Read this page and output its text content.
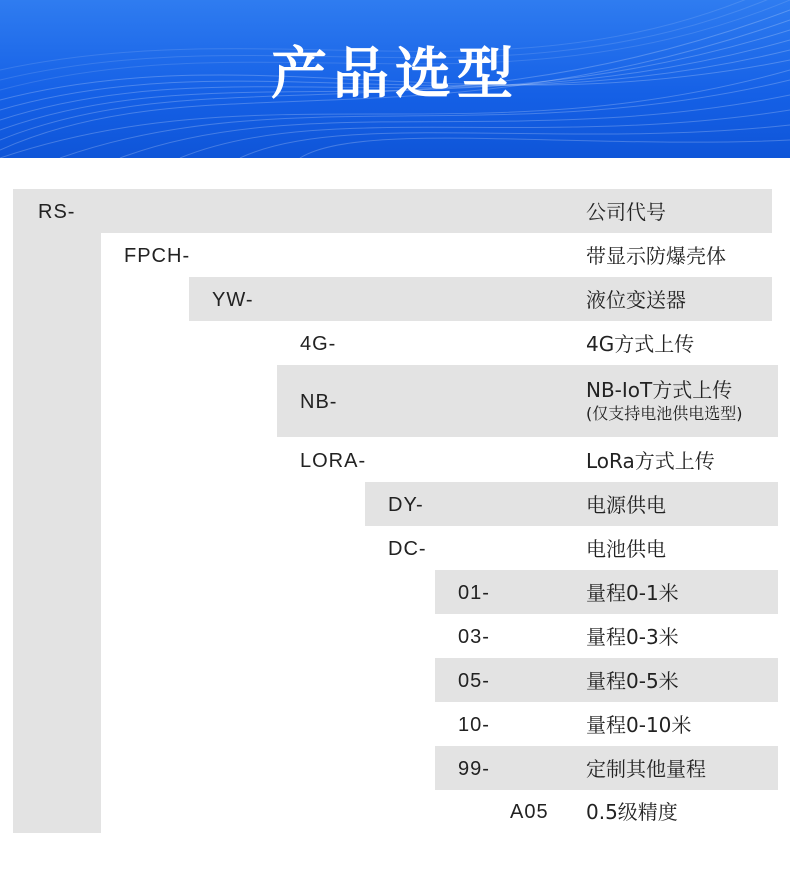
产品选型
RS-
FPCH-
YW-
4G-
NB-
LORA-
DY-
DC-
01-
03-
05-
10-
99-
A05
公司代号
带显示防爆壳体
液位变送器
4G方式上传
NB-IoT方式上传
(仅支持电池供电选型)
LoRa方式上传
电源供电
电池供电
量程0-1米
量程0-3米
量程0-5米
量程0-10米
定制其他量程
0.5级精度
